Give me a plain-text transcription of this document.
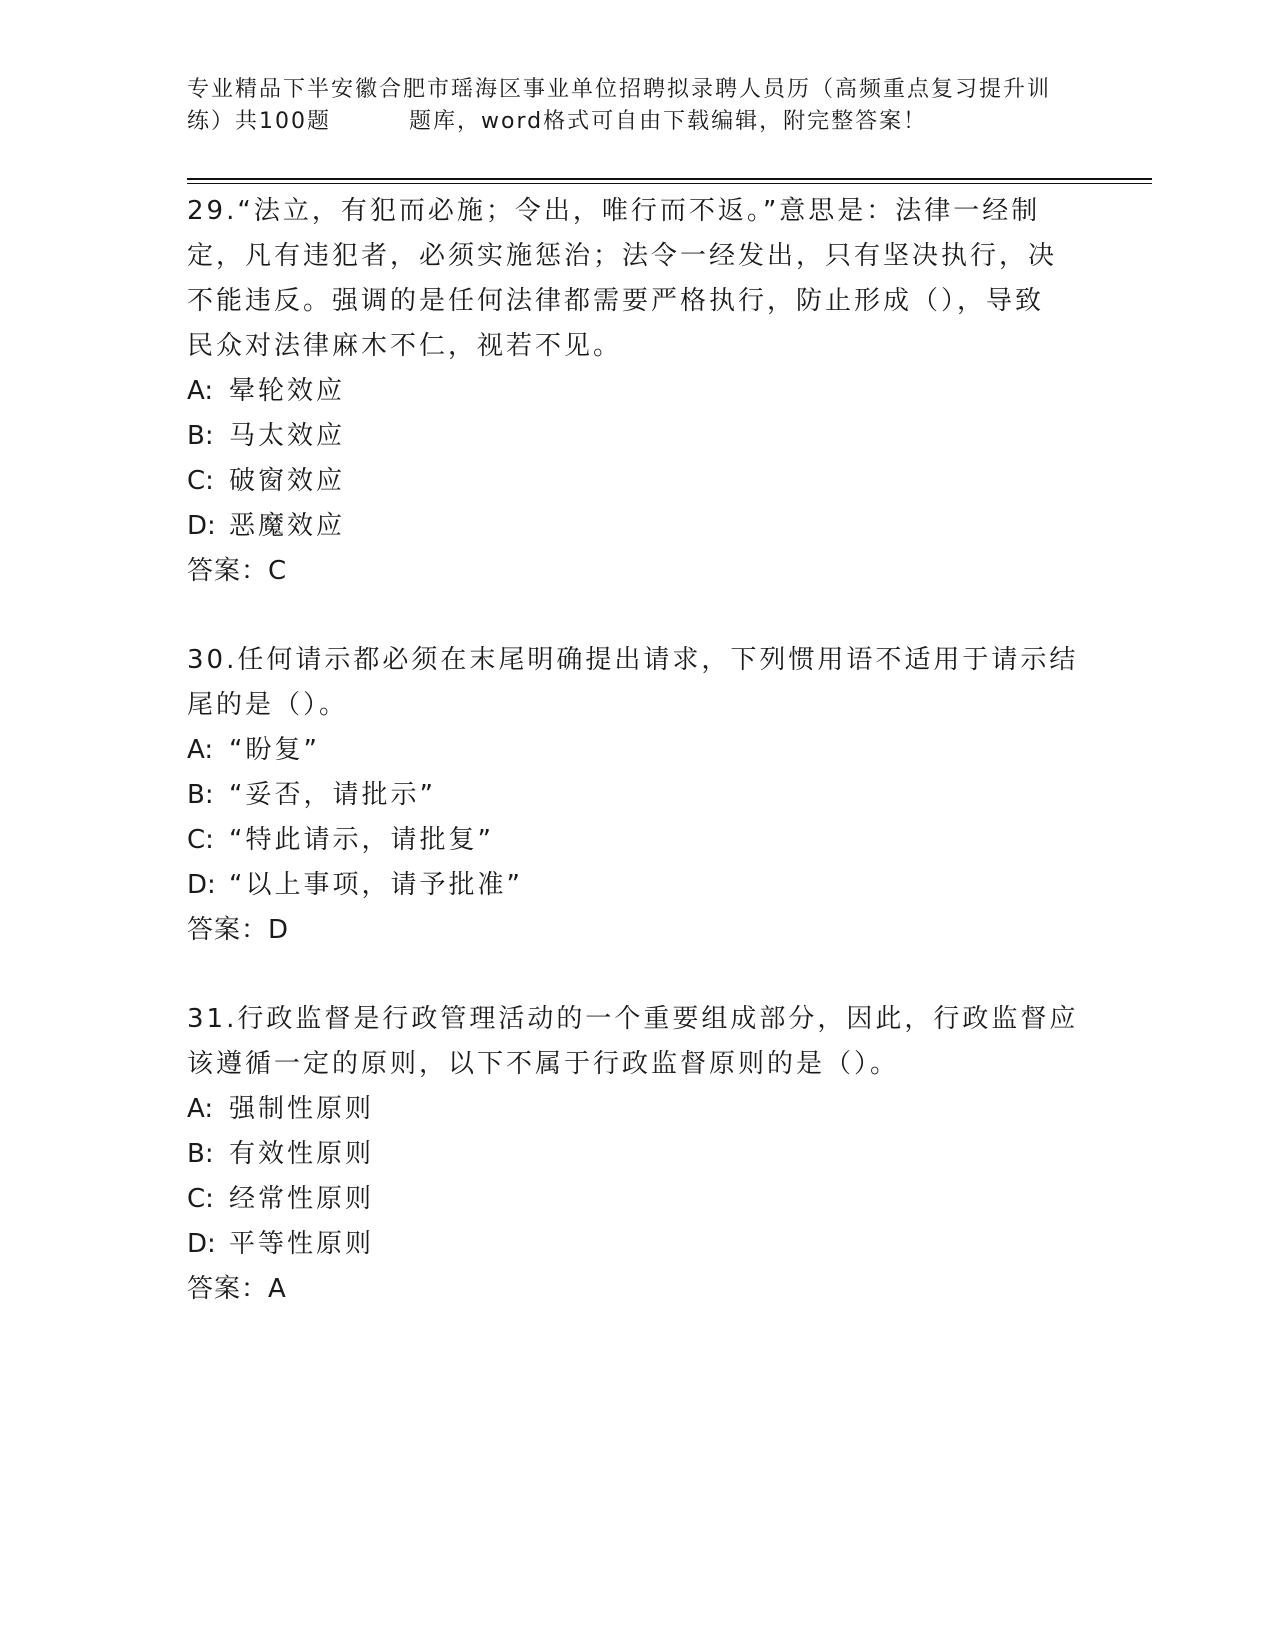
专业精品下半安徽合肥市瑶海区事业单位招聘拟录聘人员历（高频重点复习提升训
练）共100题	题库，word格式可自由下载编辑，附完整答案！
29.“法立，有犯而必施；令出，唯行而不返。”意思是：法律一经制
定，凡有违犯者，必须实施惩治；法令一经发出，只有坚决执行，决
不能违反。强调的是任何法律都需要严格执行，防止形成（），导致
民众对法律麻木不仁，视若不见。
A: 晕轮效应
B: 马太效应
C: 破窗效应
D: 恶魔效应
答案：C
30.任何请示都必须在末尾明确提出请求，下列惯用语不适用于请示结
尾的是（）。
A: “盼复”
B: “妥否，请批示”
C: “特此请示，请批复”
D: “以上事项，请予批准”
答案：D
31.行政监督是行政管理活动的一个重要组成部分，因此，行政监督应
该遵循一定的原则，以下不属于行政监督原则的是（）。
A: 强制性原则
B: 有效性原则
C: 经常性原则
D: 平等性原则
答案：A
